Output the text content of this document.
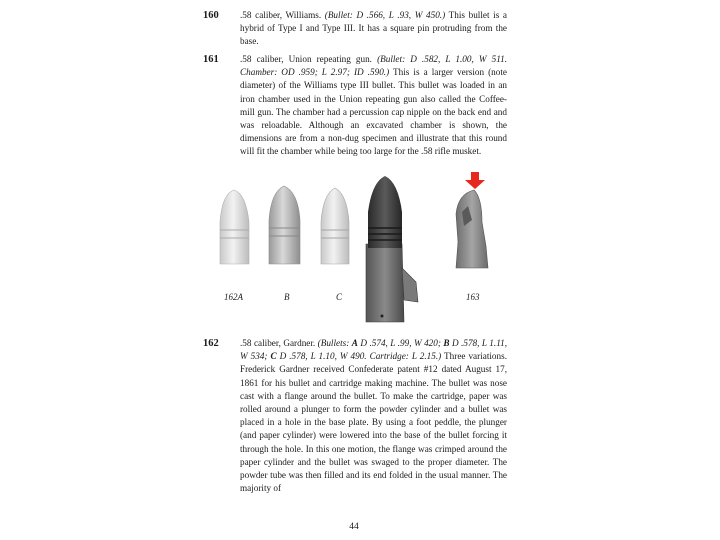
160 .58 caliber, Williams. (Bullet: D .566, L .93, W 450.) This bullet is a hybrid of Type I and Type III. It has a square pin protruding from the base.
161 .58 caliber, Union repeating gun. (Bullet: D .582, L 1.00, W 511. Chamber: OD .959; L 2.97; ID .590.) This is a larger version (note diameter) of the Williams type III bullet. This bullet was loaded in an iron chamber used in the Union repeating gun also called the Coffee-mill gun. The chamber had a percussion cap nipple on the back end and was reloadable. Although an excavated chamber is shown, the dimensions are from a non-dug specimen and illustrate that this round will fit the chamber while being too large for the .58 rifle musket.
162A	B	C	163
162 .58 caliber, Gardner. (Bullets: A D .574, L .99, W 420; B D .578, L 1.11, W 534; C D .578, L 1.10, W 490. Cartridge: L 2.15.) Three variations. Frederick Gardner received Confederate patent #12 dated August 17, 1861 for his bullet and cartridge making machine. The bullet was nose cast with a flange around the bullet. To make the cartridge, paper was rolled around a plunger to form the powder cylinder and a bullet was placed in a hole in the base plate. By using a foot peddle, the plunger (and paper cylinder) were lowered into the base of the bullet forcing it through the hole. In this one motion, the flange was crimped around the paper cylinder and the bullet was swaged to the proper diameter. The powder tube was then filled and its end folded in the usual manner. The majority of
44
